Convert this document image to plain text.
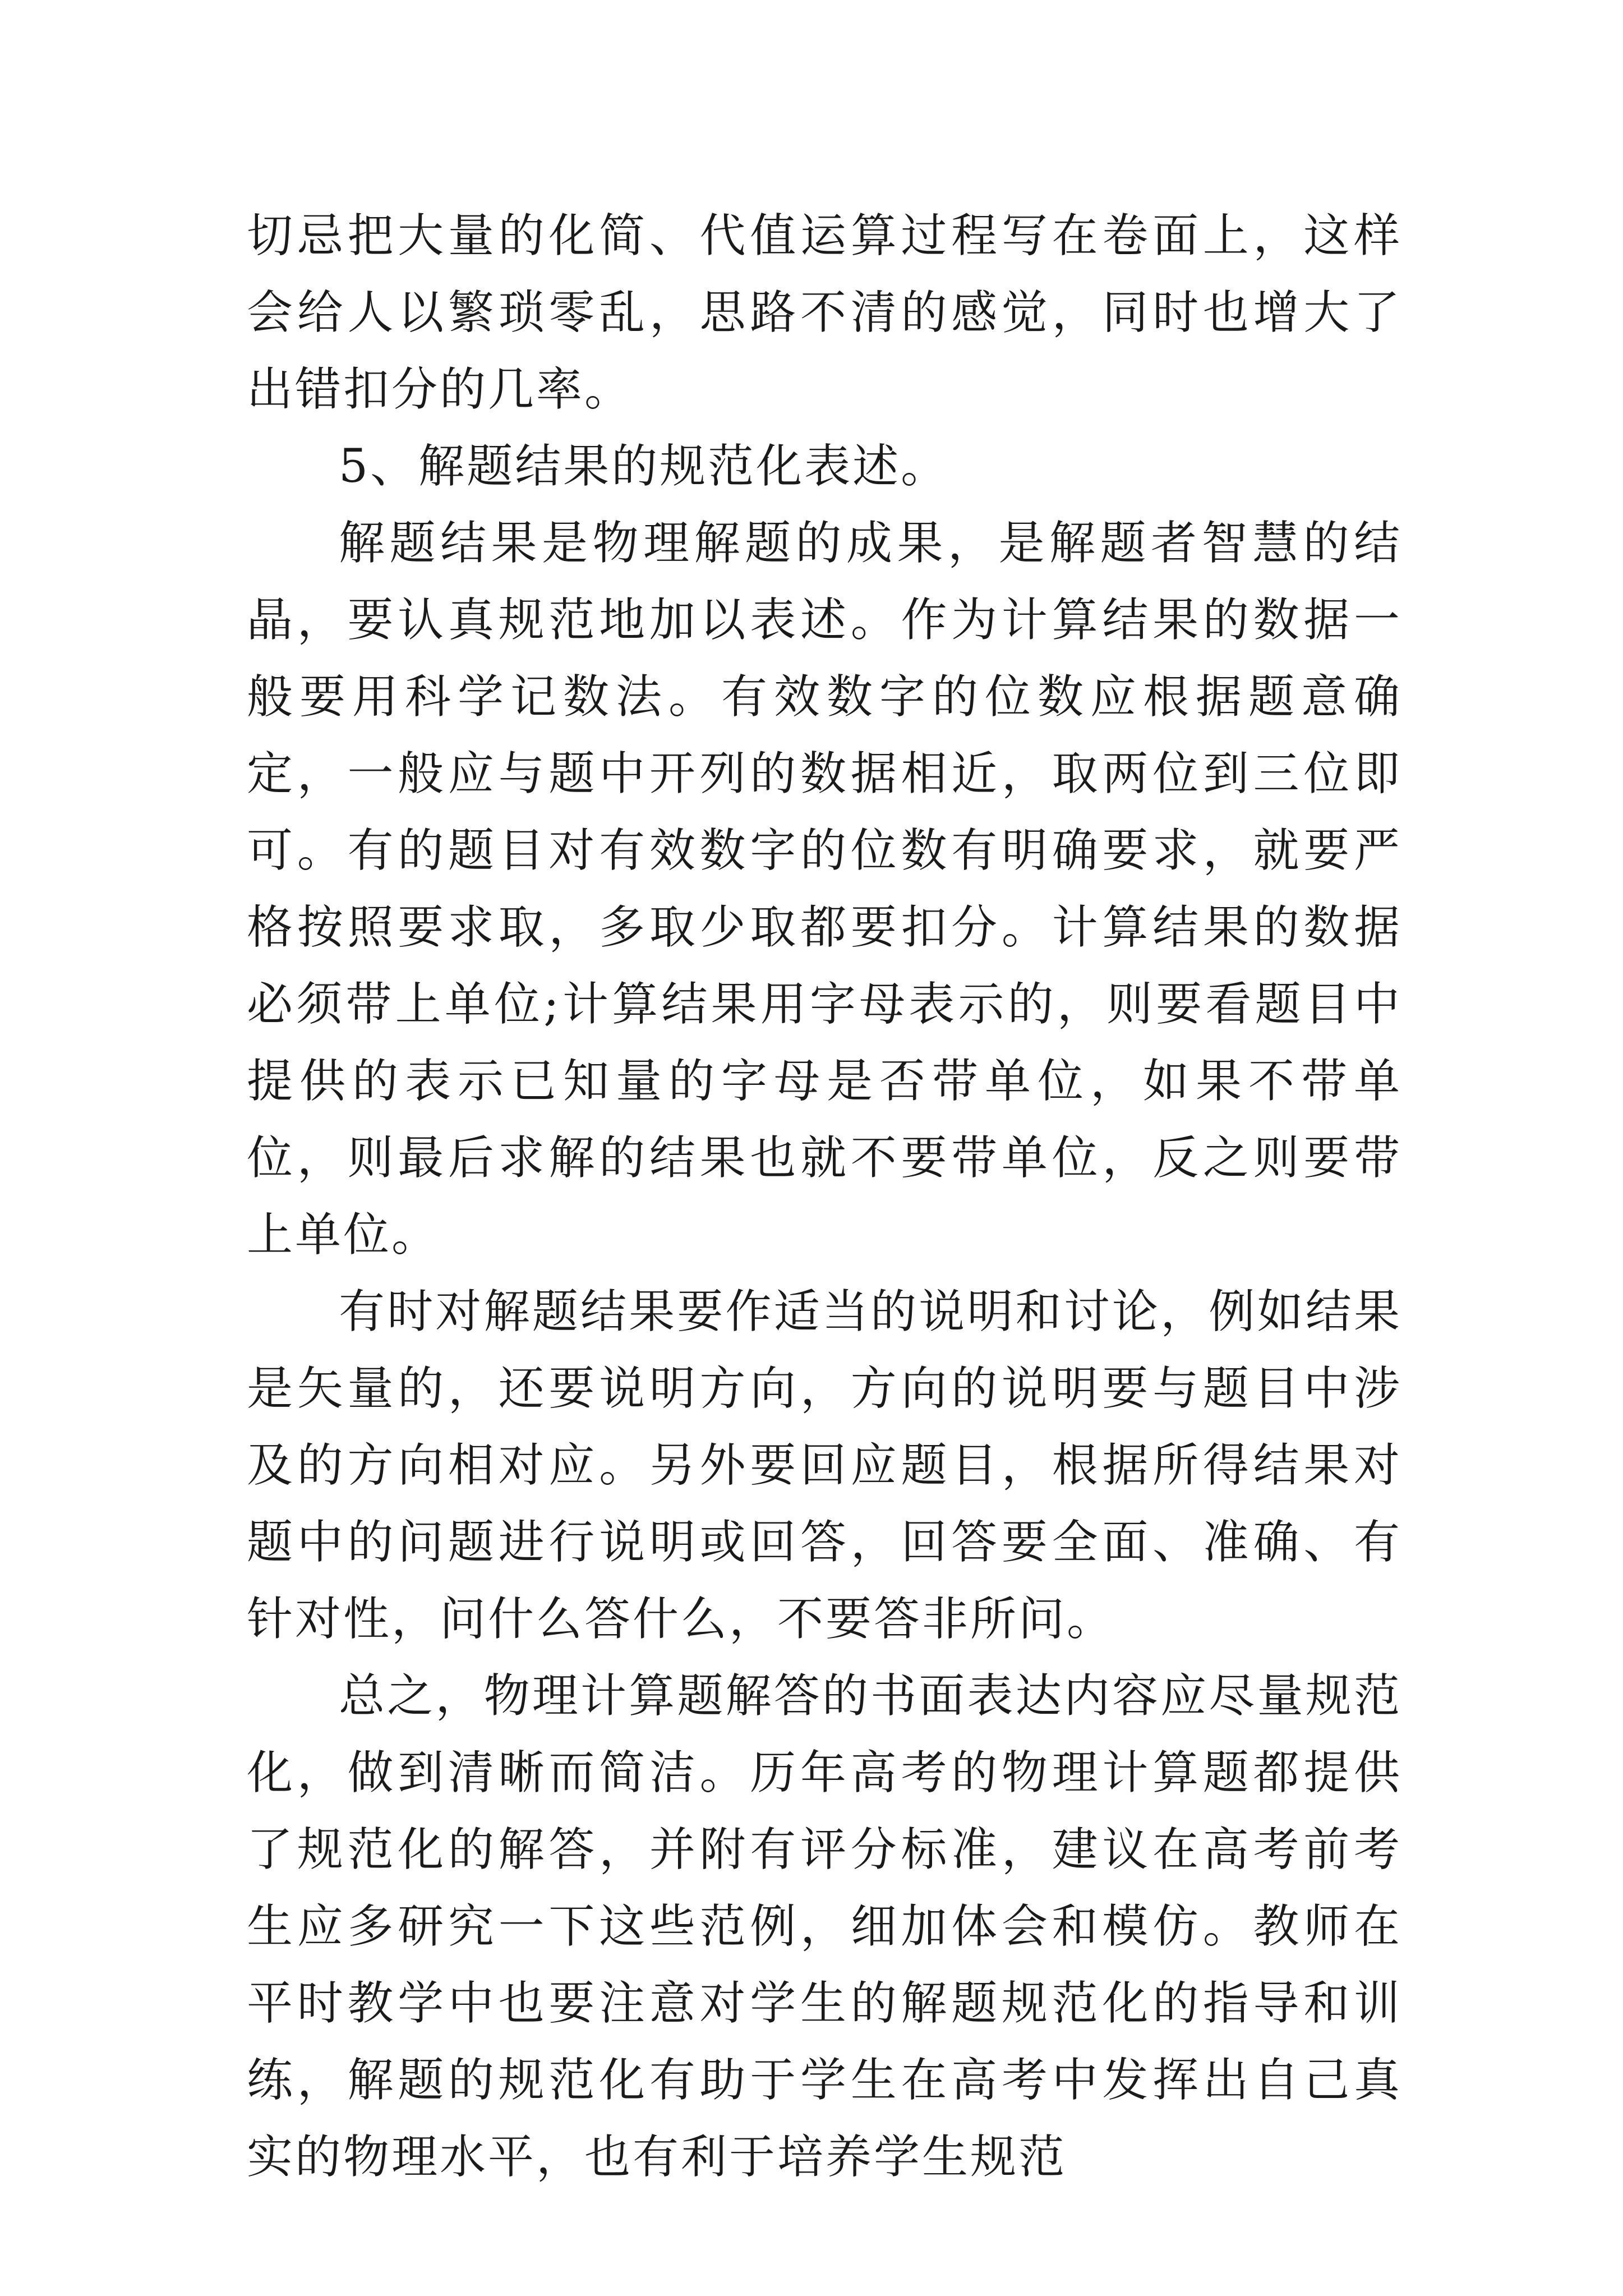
切忌把大量的化简、代值运算过程写在卷面上，这样会给人以繁琐零乱，思路不清的感觉，同时也增大了出错扣分的几率。

5、解题结果的规范化表述。

解题结果是物理解题的成果，是解题者智慧的结晶，要认真规范地加以表述。作为计算结果的数据一般要用科学记数法。有效数字的位数应根据题意确定，一般应与题中开列的数据相近，取两位到三位即可。有的题目对有效数字的位数有明确要求，就要严格按照要求取，多取少取都要扣分。计算结果的数据必须带上单位;计算结果用字母表示的，则要看题目中提供的表示已知量的字母是否带单位，如果不带单位，则最后求解的结果也就不要带单位，反之则要带上单位。

有时对解题结果要作适当的说明和讨论，例如结果是矢量的，还要说明方向，方向的说明要与题目中涉及的方向相对应。另外要回应题目，根据所得结果对题中的问题进行说明或回答，回答要全面、准确、有针对性，问什么答什么，不要答非所问。

总之，物理计算题解答的书面表达内容应尽量规范化，做到清晰而简洁。历年高考的物理计算题都提供了规范化的解答，并附有评分标准，建议在高考前考生应多研究一下这些范例，细加体会和模仿。教师在平时教学中也要注意对学生的解题规范化的指导和训练，解题的规范化有助于学生在高考中发挥出自己真实的物理水平，也有利于培养学生规范
